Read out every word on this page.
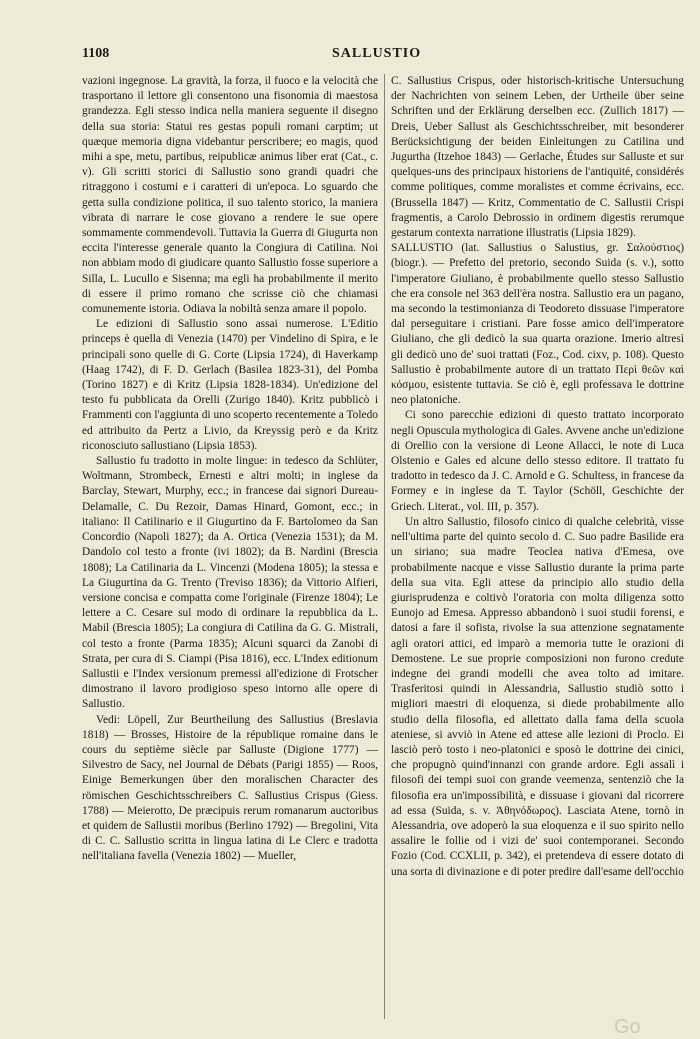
1108	SALLUSTIO

vazioni ingegnose. La gravità, la forza, il fuoco e la velocità che trasportano il lettore gli consentono una fisonomia di maestosa grandezza. Egli stesso indica nella maniera seguente il disegno della sua storia: Statui res gestas populi romani carptim; ut quæque memoria digna videbantur perscribere; eo magis, quod mihi a spe, metu, partibus, reipublicæ animus liber erat (Cat., c. v). Gli scritti storici di Sallustio sono grandi quadri che ritraggono i costumi e i caratteri di un'epoca. Lo sguardo che getta sulla condizione politica, il suo talento storico, la maniera vibrata di narrare le cose giovano a rendere le sue opere sommamente commendevoli. Tuttavia la Guerra di Giugurta non eccita l'interesse generale quanto la Congiura di Catilina. Noi non abbiam modo di giudicare quanto Sallustio fosse superiore a Silla, L. Lucullo e Sisenna; ma egli ha probabilmente il merito di essere il primo romano che scrisse ciò che chiamasi comunemente istoria. Odiava la nobiltà senza amare il popolo.

Le edizioni di Sallustio sono assai numerose. L'Editio princeps è quella di Venezia (1470) per Vindelino di Spira, e le principali sono quelle di G. Corte (Lipsia 1724), di Haverkamp (Haag 1742), di F. D. Gerlach (Basilea 1823-31), del Pomba (Torino 1827) e di Kritz (Lipsia 1828-1834). Un'edizione del testo fu pubblicata da Orelli (Zurigo 1840). Kritz pubblicò i Frammenti con l'aggiunta di uno scoperto recentemente a Toledo ed attribuito da Pertz a Livio, da Kreyssig però e da Kritz riconosciuto sallustiano (Lipsia 1853).

Sallustio fu tradotto in molte lingue: in tedesco da Schlüter, Woltmann, Strombeck, Ernesti e altri molti; in inglese da Barclay, Stewart, Murphy, ecc.; in francese dai signori Dureau-Delamalle, C. Du Rezoir, Damas Hinard, Gomont, ecc.; in italiano: Il Catilinario e il Giugurtino da F. Bartolomeo da San Concordio (Napoli 1827); da A. Ortica (Venezia 1531); da M. Dandolo col testo a fronte (ivi 1802); da B. Nardini (Brescia 1808); La Catilinaria da L. Vincenzi (Modena 1805); la stessa e La Giugurtina da G. Trento (Treviso 1836); da Vittorio Alfieri, versione concisa e compatta come l'originale (Firenze 1804); Le lettere a C. Cesare sul modo di ordinare la repubblica da L. Mabil (Brescia 1805); La congiura di Catilina da G. G. Mistrali, col testo a fronte (Parma 1835); Alcuni squarci da Zanobi di Strata, per cura di S. Ciampi (Pisa 1816), ecc. L'Index editionum Sallustii e l'Index versionum premessi all'edizione di Frotscher dimostrano il lavoro prodigioso speso intorno alle opere di Sallustio.

Vedi: Löpell, Zur Beurtheilung des Sallustius (Breslavia 1818) — Brosses, Histoire de la république romaine dans le cours du septième siècle par Salluste (Digione 1777) — Silvestro de Sacy, nel Journal de Débats (Parigi 1855) — Roos, Einige Bemerkungen über den moralischen Character des römischen Geschichtsschreibers C. Sallustius Crispus (Giess. 1788) — Meierotto, De præcipuis rerum romanarum auctoribus et quidem de Sallustii moribus (Berlino 1792) — Bregolini, Vita di C. C. Sallustio scritta in lingua latina di Le Clerc e tradotta nell'italiana favella (Venezia 1802) — Mueller,

C. Sallustius Crispus, oder historisch-kritische Untersuchung der Nachrichten von seinem Leben, der Urtheile über seine Schriften und der Erklärung derselben ecc. (Zullich 1817) — Dreis, Ueber Sallust als Geschichtsschreiber, mit besonderer Berücksichtigung der beiden Einleitungen zu Catilina und Jugurtha (Itzehoe 1843) — Gerlache, Études sur Salluste et sur quelques-uns des principaux historiens de l'antiquité, considérés comme politiques, comme moralistes et comme écrivains, ecc. (Brussella 1847) — Kritz, Commentatio de C. Sallustii Crispi fragmentis, a Carolo Debrossio in ordinem digestis rerumque gestarum contexta narratione illustratis (Lipsia 1829).

SALLUSTIO (lat. Sallustius o Salustius, gr. Σαλούστιος) (biogr.). — Prefetto del pretorio, secondo Suida (s. v.), sotto l'imperatore Giuliano, è probabilmente quello stesso Sallustio che era console nel 363 dell'èra nostra. Sallustio era un pagano, ma secondo la testimonianza di Teodoreto dissuase l'imperatore dal perseguitare i cristiani. Pare fosse amico dell'imperatore Giuliano, che gli dedicò la sua quarta orazione. Imerio altresì gli dedicò uno de' suoi trattati (Foz., Cod. cixv, p. 108). Questo Sallustio è probabilmente autore di un trattato Περὶ θεῶν καὶ κόσμου, esistente tuttavia. Se ciò è, egli professava le dottrine neo platoniche.

Ci sono parecchie edizioni di questo trattato incorporato negli Opuscula mythologica di Gales. Avvene anche un'edizione di Orellio con la versione di Leone Allacci, le note di Luca Olstenio e Gales ed alcune dello stesso editore. Il trattato fu tradotto in tedesco da J. C. Arnold e G. Schultess, in francese da Formey e in inglese da T. Taylor (Schöll, Geschichte der Griech. Literat., vol. III, p. 357).

Un altro Sallustio, filosofo cinico di qualche celebrità, visse nell'ultima parte del quinto secolo d. C. Suo padre Basilide era un siriano; sua madre Teoclea nativa d'Emesa, ove probabilmente nacque e visse Sallustio durante la prima parte della sua vita. Egli attese da principio allo studio della giurisprudenza e coltivò l'oratoria con molta diligenza sotto Eunojo ad Emesa. Appresso abbandonò i suoi studii forensi, e datosi a fare il sofista, rivolse la sua attenzione segnatamente agli oratori attici, ed imparò a memoria tutte le orazioni di Demostene. Le sue proprie composizioni non furono credute indegne dei grandi modelli che avea tolto ad imitare. Trasferitosi quindi in Alessandria, Sallustio studiò sotto i migliori maestri di eloquenza, si diede probabilmente allo studio della filosofia, ed allettato dalla fama della scuola ateniese, si avviò in Atene ed attese alle lezioni di Proclo. Ei lasciò però tosto i neo-platonici e sposò le dottrine dei cinici, che propugnò quind'innanzi con grande ardore. Egli assalì i filosofi dei tempi suoi con grande veemenza, sentenziò che la filosofia era un'impossibilità, e dissuase i giovani dal ricorrere ad essa (Suida, s. v. Ἀθηνόδωρος). Lasciata Atene, tornò in Alessandria, ove adoperò la sua eloquenza e il suo spirito nello assalire le follie od i vizi de' suoi contemporanei. Secondo Fozio (Cod. CCXLII, p. 342), ei pretendeva di essere dotato di una sorta di divinazione e di poter predire dall'esame dell'occhio

Go
